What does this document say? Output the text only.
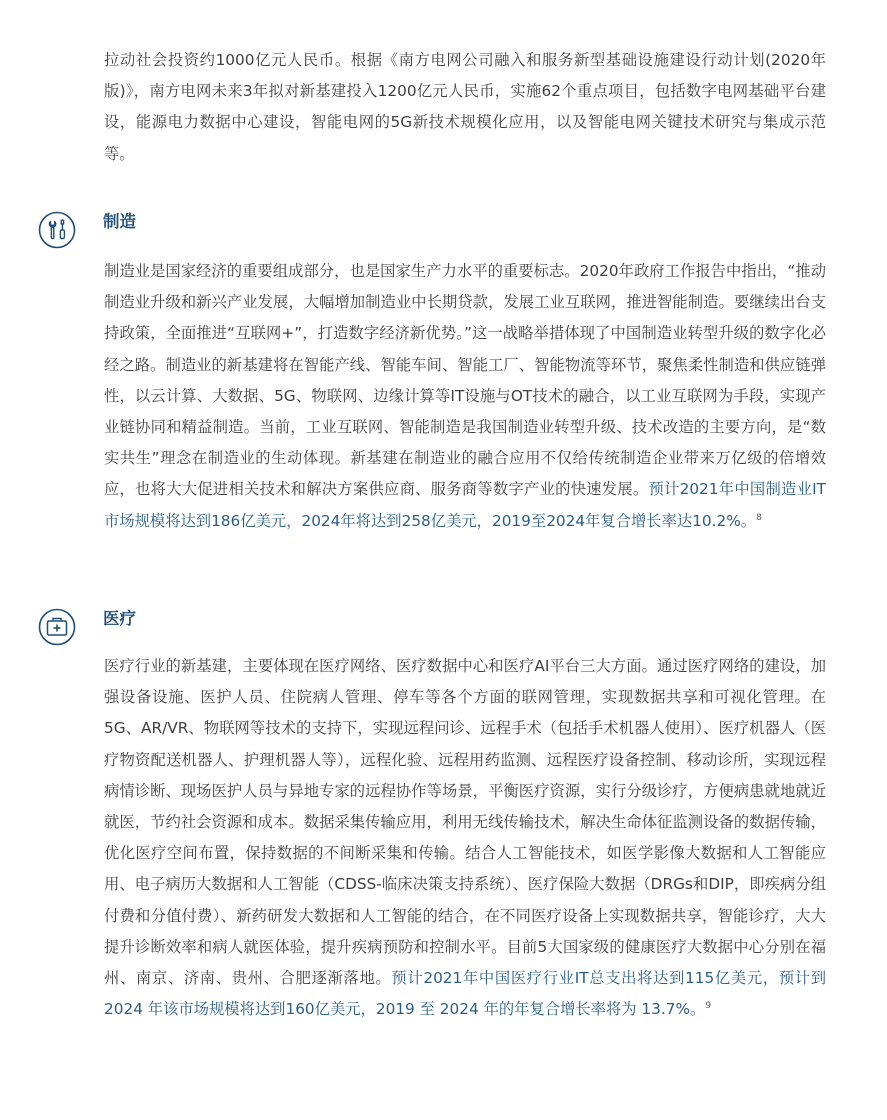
拉动社会投资约1000亿元人民币。根据《南方电网公司融入和服务新型基础设施建设行动计划(2020年版)》，南方电网未来3年拟对新基建投入1200亿元人民币，实施62个重点项目，包括数字电网基础平台建设，能源电力数据中心建设，智能电网的5G新技术规模化应用，以及智能电网关键技术研究与集成示范等。

制造

制造业是国家经济的重要组成部分，也是国家生产力水平的重要标志。2020年政府工作报告中指出，“推动制造业升级和新兴产业发展，大幅增加制造业中长期贷款，发展工业互联网，推进智能制造。要继续出台支持政策，全面推进“互联网+”，打造数字经济新优势。”这一战略举措体现了中国制造业转型升级的数字化必经之路。制造业的新基建将在智能产线、智能车间、智能工厂、智能物流等环节，聚焦柔性制造和供应链弹性，以云计算、大数据、5G、物联网、边缘计算等IT设施与OT技术的融合，以工业互联网为手段，实现产业链协同和精益制造。当前，工业互联网、智能制造是我国制造业转型升级、技术改造的主要方向，是“数实共生”理念在制造业的生动体现。新基建在制造业的融合应用不仅给传统制造企业带来万亿级的倍增效应，也将大大促进相关技术和解决方案供应商、服务商等数字产业的快速发展。预计2021年中国制造业IT市场规模将达到186亿美元，2024年将达到258亿美元，2019至2024年复合增长率达10.2%。$^8$

医疗

医疗行业的新基建，主要体现在医疗网络、医疗数据中心和医疗AI平台三大方面。通过医疗网络的建设，加强设备设施、医护人员、住院病人管理、停车等各个方面的联网管理，实现数据共享和可视化管理。在5G、AR/VR、物联网等技术的支持下，实现远程问诊、远程手术（包括手术机器人使用）、医疗机器人（医疗物资配送机器人、护理机器人等），远程化验、远程用药监测、远程医疗设备控制、移动诊所，实现远程病情诊断、现场医护人员与异地专家的远程协作等场景，平衡医疗资源，实行分级诊疗，方便病患就地就近就医，节约社会资源和成本。数据采集传输应用，利用无线传输技术，解决生命体征监测设备的数据传输，优化医疗空间布置，保持数据的不间断采集和传输。结合人工智能技术，如医学影像大数据和人工智能应用、电子病历大数据和人工智能（CDSS-临床决策支持系统）、医疗保险大数据（DRGs和DIP，即疾病分组付费和分值付费）、新药研发大数据和人工智能的结合，在不同医疗设备上实现数据共享，智能诊疗，大大提升诊断效率和病人就医体验，提升疾病预防和控制水平。目前5大国家级的健康医疗大数据中心分别在福州、南京、济南、贵州、合肥逐渐落地。预计2021年中国医疗行业IT总支出将达到115亿美元，预计到 2024 年该市场规模将达到160亿美元，2019 至 2024 年的年复合增长率将为 13.7%。$^9$
